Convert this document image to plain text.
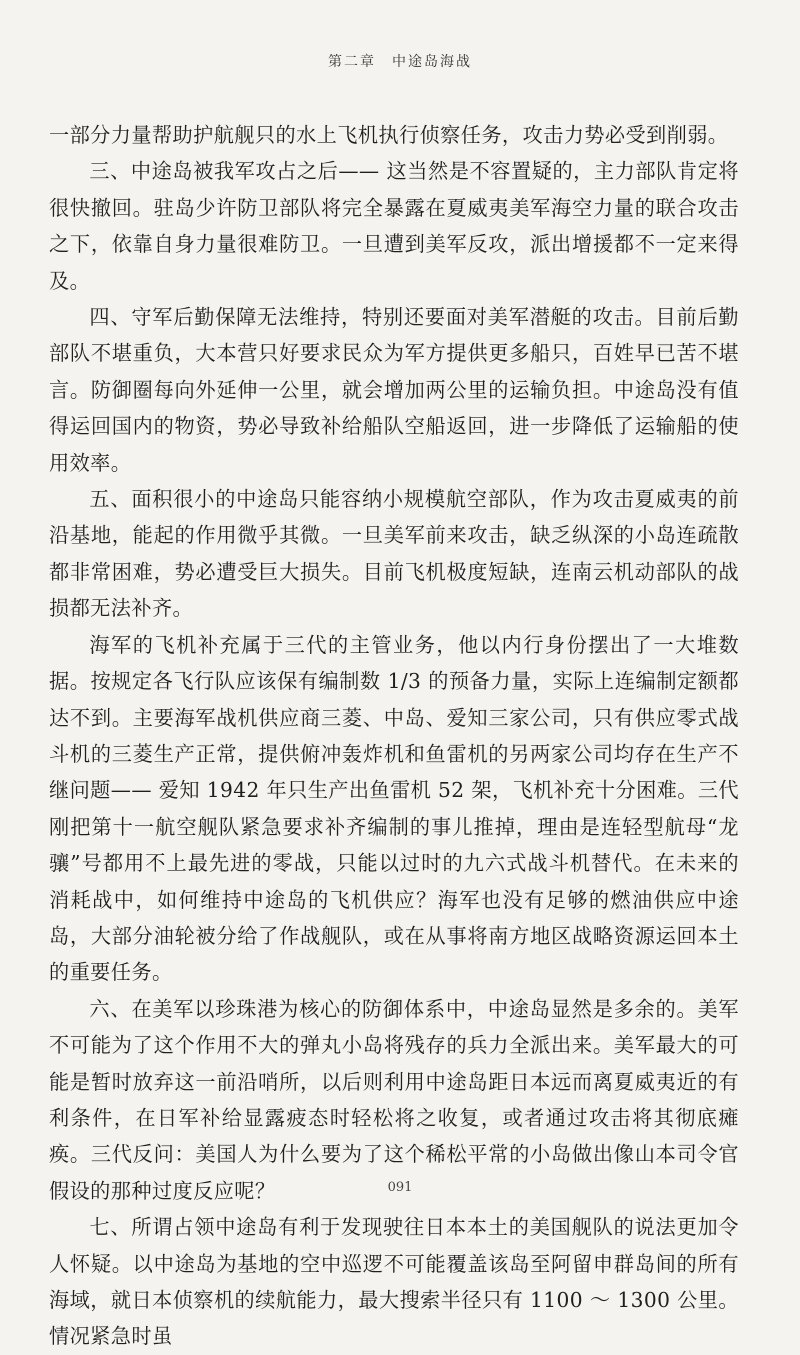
第二章　中途岛海战

一部分力量帮助护航舰只的水上飞机执行侦察任务，攻击力势必受到削弱。

三、中途岛被我军攻占之后—— 这当然是不容置疑的，主力部队肯定将很快撤回。驻岛少许防卫部队将完全暴露在夏威夷美军海空力量的联合攻击之下，依靠自身力量很难防卫。一旦遭到美军反攻，派出增援都不一定来得及。

四、守军后勤保障无法维持，特别还要面对美军潜艇的攻击。目前后勤部队不堪重负，大本营只好要求民众为军方提供更多船只，百姓早已苦不堪言。防御圈每向外延伸一公里，就会增加两公里的运输负担。中途岛没有值得运回国内的物资，势必导致补给船队空船返回，进一步降低了运输船的使用效率。

五、面积很小的中途岛只能容纳小规模航空部队，作为攻击夏威夷的前沿基地，能起的作用微乎其微。一旦美军前来攻击，缺乏纵深的小岛连疏散都非常困难，势必遭受巨大损失。目前飞机极度短缺，连南云机动部队的战损都无法补齐。

海军的飞机补充属于三代的主管业务，他以内行身份摆出了一大堆数据。按规定各飞行队应该保有编制数 1/3 的预备力量，实际上连编制定额都达不到。主要海军战机供应商三菱、中岛、爱知三家公司，只有供应零式战斗机的三菱生产正常，提供俯冲轰炸机和鱼雷机的另两家公司均存在生产不继问题—— 爱知 1942 年只生产出鱼雷机 52 架，飞机补充十分困难。三代刚把第十一航空舰队紧急要求补齐编制的事儿推掉，理由是连轻型航母“龙骧”号都用不上最先进的零战，只能以过时的九六式战斗机替代。在未来的消耗战中，如何维持中途岛的飞机供应？海军也没有足够的燃油供应中途岛，大部分油轮被分给了作战舰队，或在从事将南方地区战略资源运回本土的重要任务。

六、在美军以珍珠港为核心的防御体系中，中途岛显然是多余的。美军不可能为了这个作用不大的弹丸小岛将残存的兵力全派出来。美军最大的可能是暂时放弃这一前沿哨所，以后则利用中途岛距日本远而离夏威夷近的有利条件，在日军补给显露疲态时轻松将之收复，或者通过攻击将其彻底瘫痪。三代反问：美国人为什么要为了这个稀松平常的小岛做出像山本司令官假设的那种过度反应呢？

七、所谓占领中途岛有利于发现驶往日本本土的美国舰队的说法更加令人怀疑。以中途岛为基地的空中巡逻不可能覆盖该岛至阿留申群岛间的所有海域，就日本侦察机的续航能力，最大搜索半径只有 1100 ～ 1300 公里。情况紧急时虽

091
